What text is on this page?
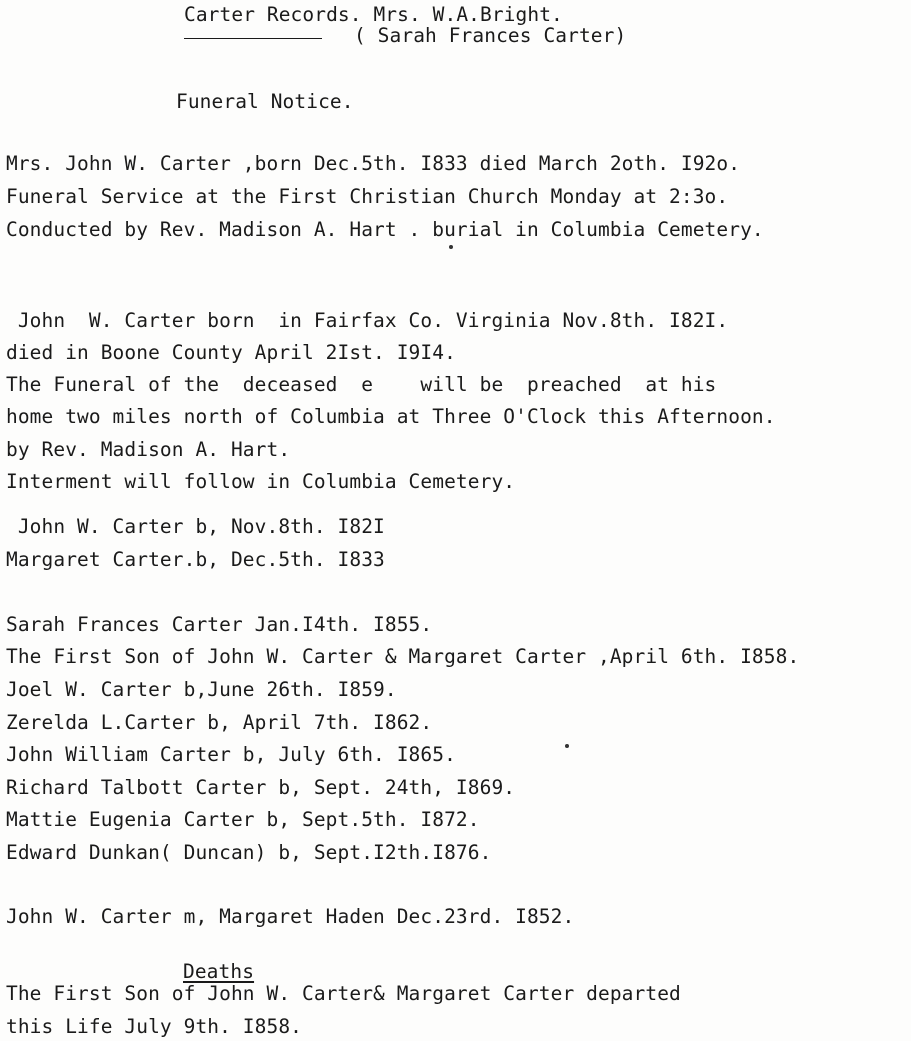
Carter Records. Mrs. W.A.Bright.
( Sarah Frances Carter)
Funeral Notice.
Mrs. John W. Carter ,born Dec.5th. I833 died March 2oth. I92o.
Funeral Service at the First Christian Church Monday at 2:3o.
Conducted by Rev. Madison A. Hart . burial in Columbia Cemetery.
John  W. Carter born  in Fairfax Co. Virginia Nov.8th. I82I.
died in Boone County April 2Ist. I9I4.
The Funeral of the  deceased  e    will be  preached  at his
home two miles north of Columbia at Three O'Clock this Afternoon.
by Rev. Madison A. Hart.
Interment will follow in Columbia Cemetery.
John W. Carter b, Nov.8th. I82I
Margaret Carter.b, Dec.5th. I833
Sarah Frances Carter Jan.I4th. I855.
The First Son of John W. Carter & Margaret Carter ,April 6th. I858.
Joel W. Carter b,June 26th. I859.
Zerelda L.Carter b, April 7th. I862.
John William Carter b, July 6th. I865.
Richard Talbott Carter b, Sept. 24th, I869.
Mattie Eugenia Carter b, Sept.5th. I872.
Edward Dunkan( Duncan) b, Sept.I2th.I876.
John W. Carter m, Margaret Haden Dec.23rd. I852.
Deaths
The First Son of John W. Carter& Margaret Carter departed
this Life July 9th. I858.
